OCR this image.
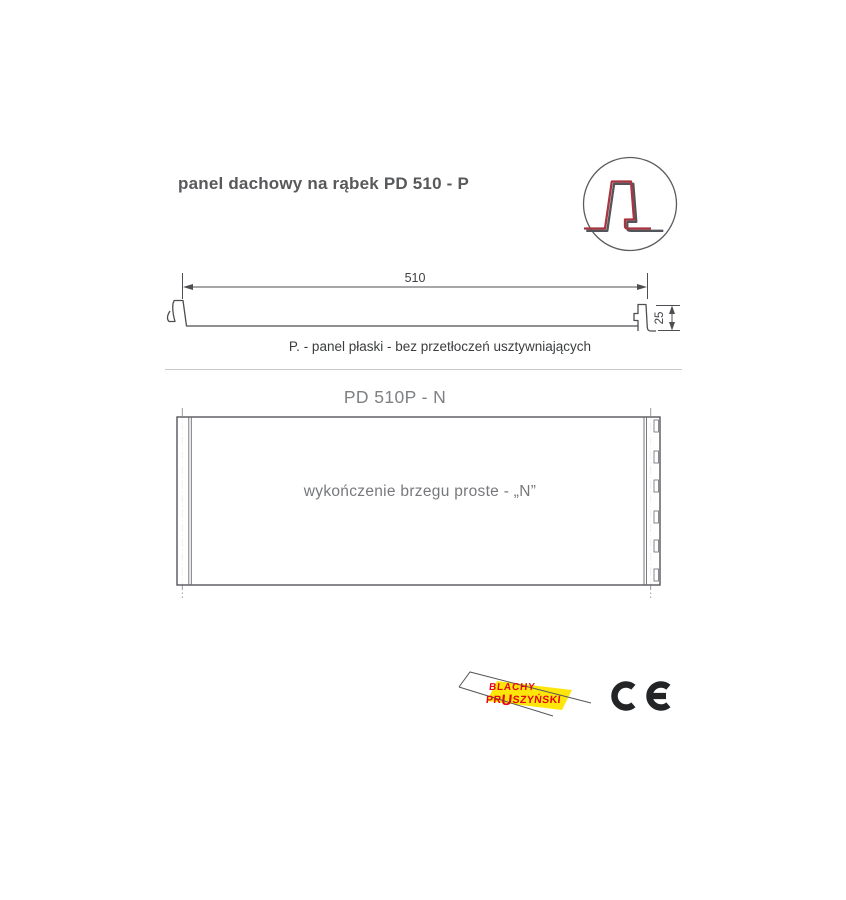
panel dachowy na rąbek PD 510 - P
510
25
P. - panel płaski - bez przetłoczeń usztywniających
PD 510P - N
wykończenie brzegu proste - „N”
BLACHY
PRUSZYŃSKI
